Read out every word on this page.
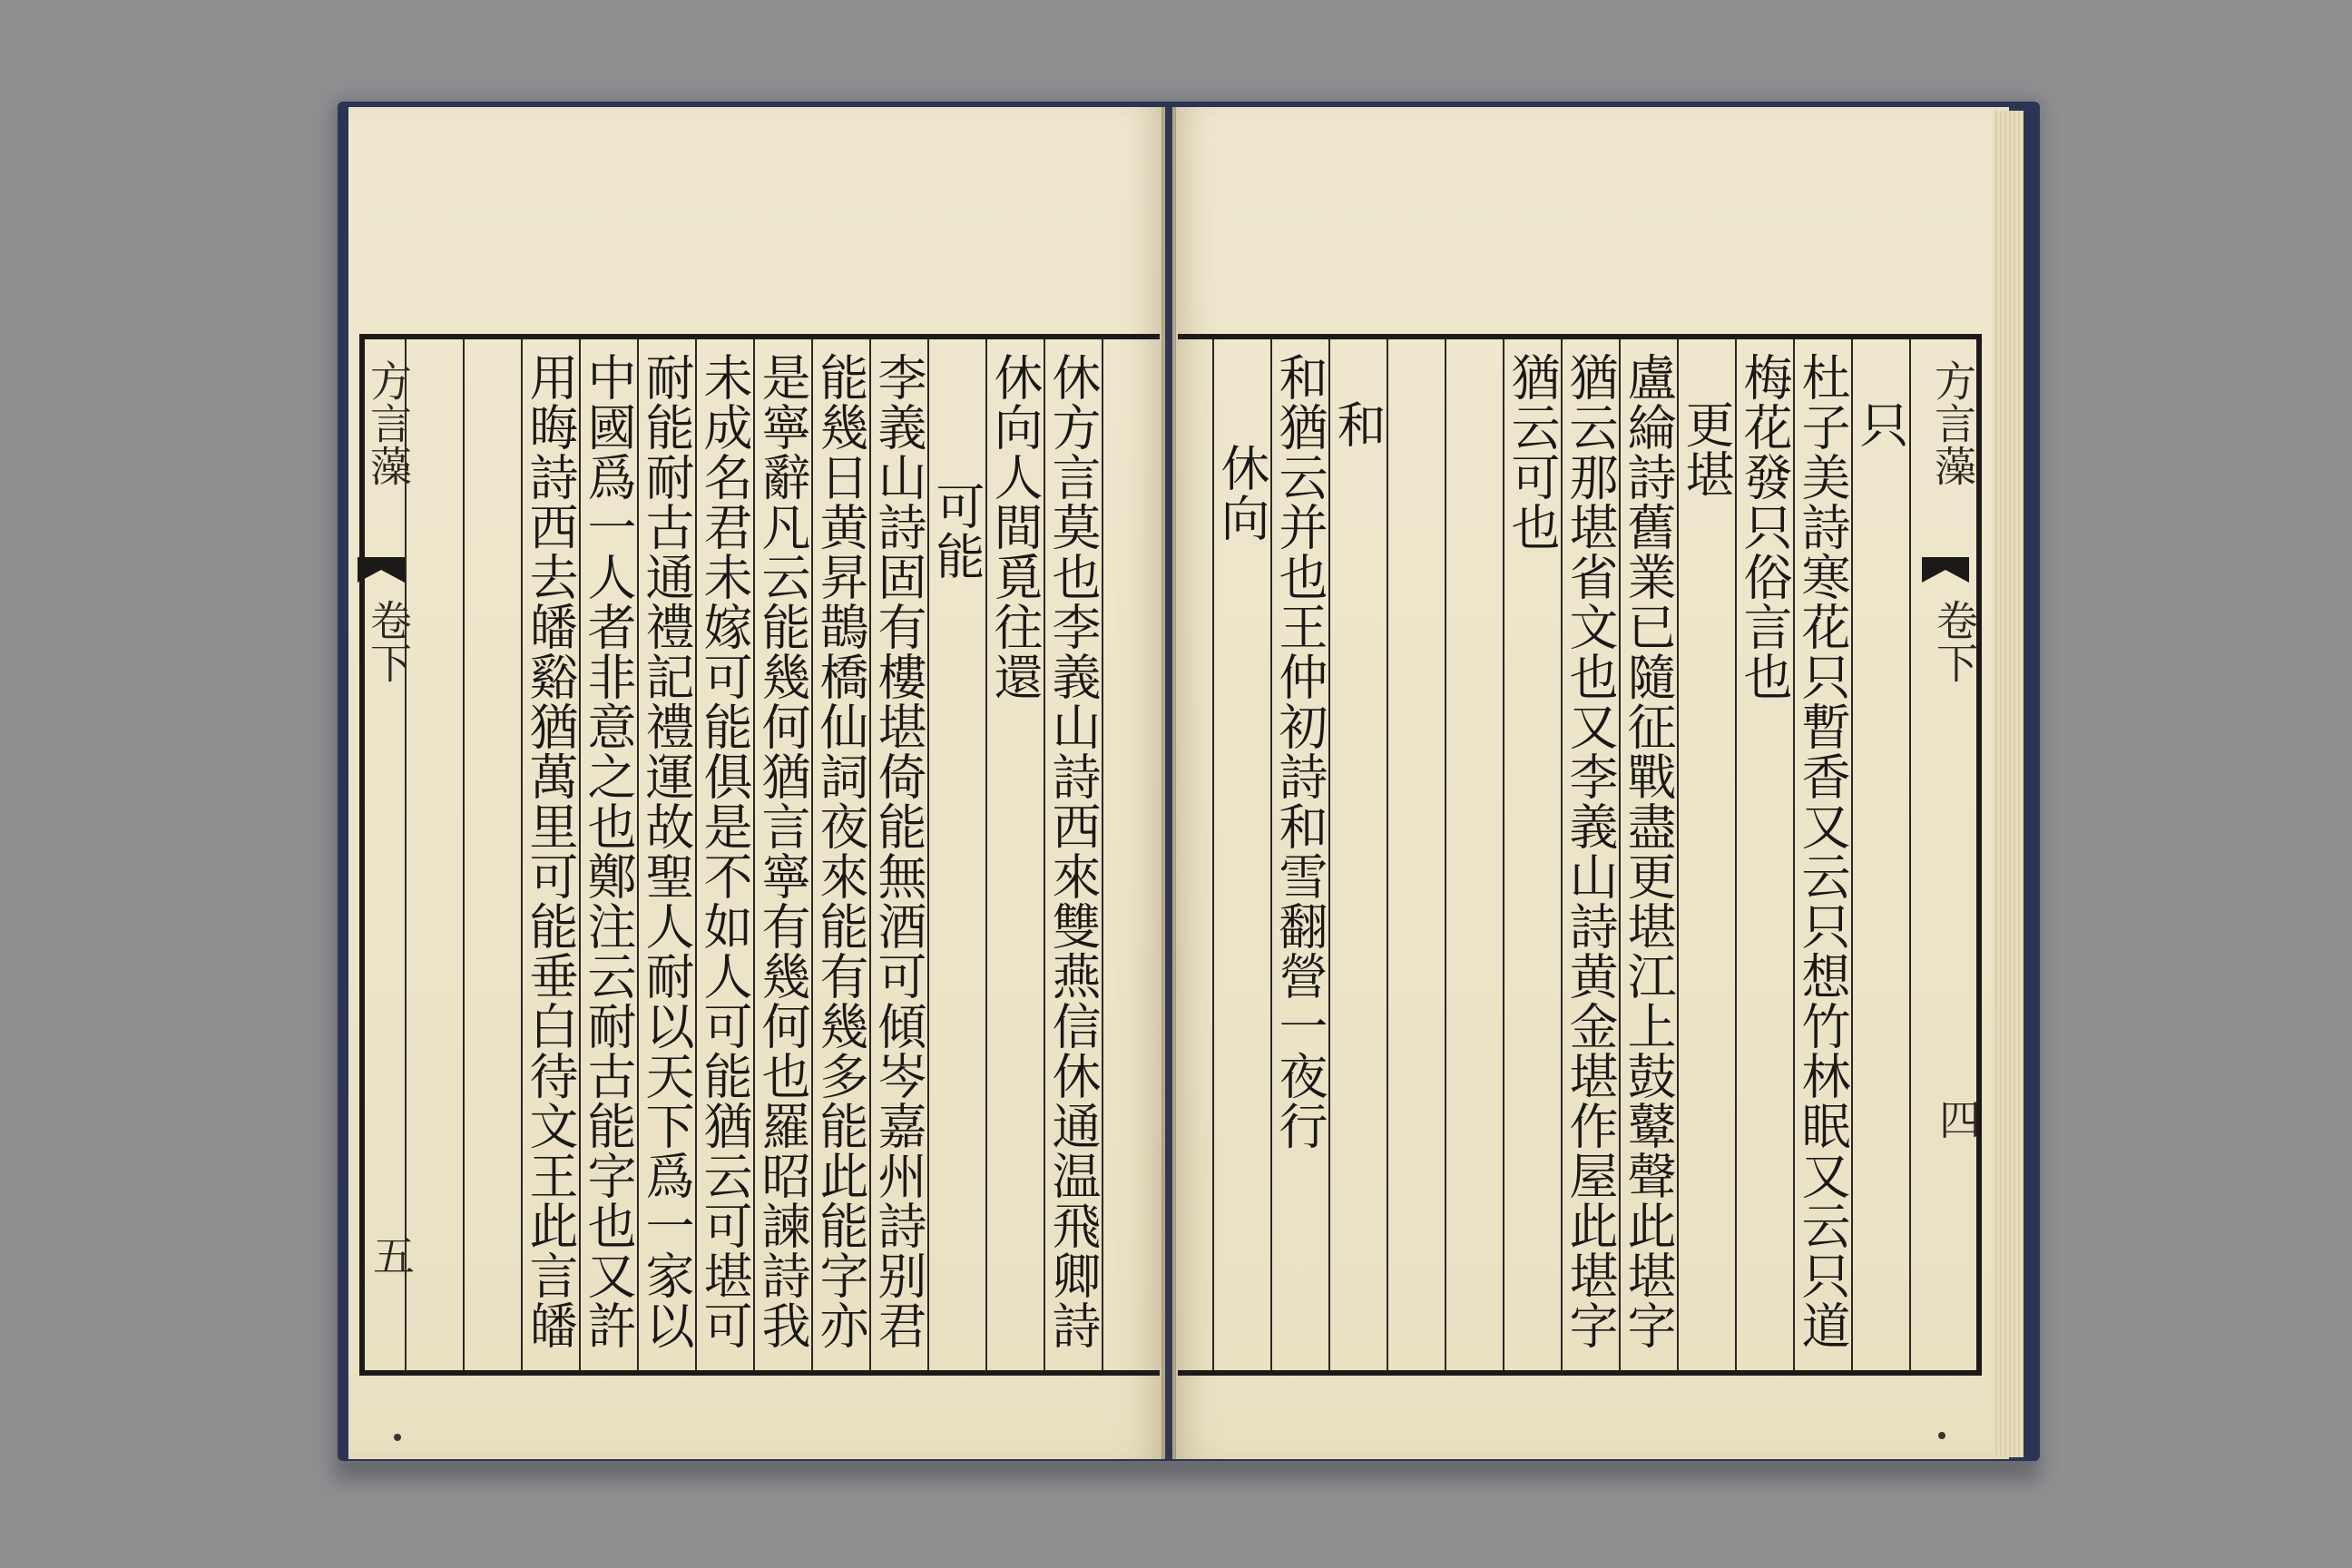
休方言莫也李義山詩西來雙燕信休通温飛卿詩
休向人間覓往還
可能
李義山詩固有樓堪倚能無酒可傾岑嘉州詩别君
能幾日黄昇鵲橋仙詞夜來能有幾多能此能字亦
是寧辭凡云能幾何猶言寧有幾何也羅昭諫詩我
未成名君未嫁可能俱是不如人可能猶云可堪可
耐能耐古通禮記禮運故聖人耐以天下爲一家以
中國爲一人者非意之也鄭注云耐古能字也又許
用晦詩西去皤谿猶萬里可能垂白待文王此言皤
方言藻
卷下
五
只
杜子美詩寒花只暫香又云只想竹林眠又云只道
梅花發只俗言也
更堪
盧綸詩舊業已隨征戰盡更堪江上鼓鼙聲此堪字
猶云那堪省文也又李義山詩黄金堪作屋此堪字
猶云可也
和
和猶云并也王仲初詩和雪翻營一夜行
休向
方言藻
卷下
四
